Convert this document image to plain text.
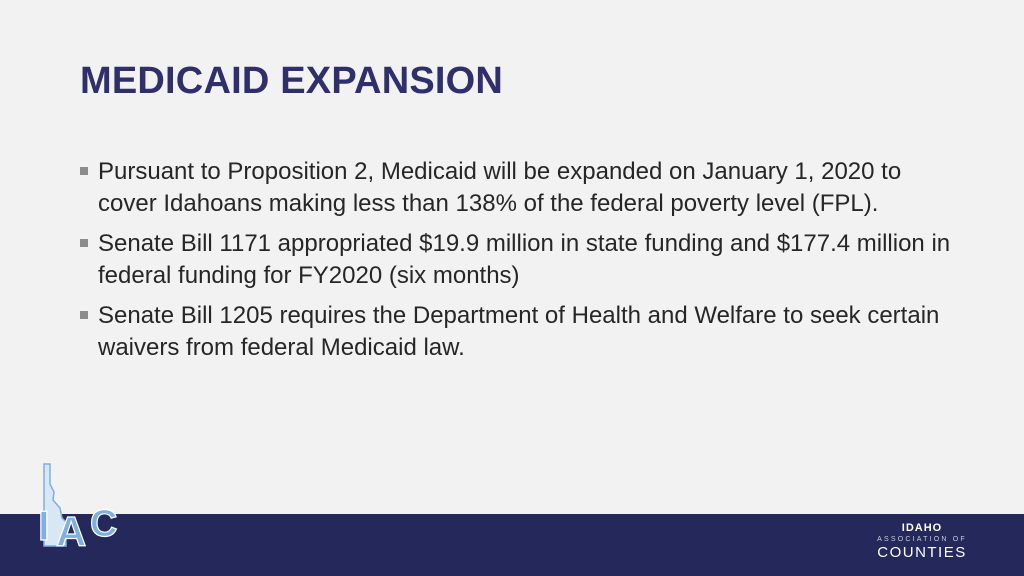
MEDICAID EXPANSION
Pursuant to Proposition 2, Medicaid will be expanded on January 1, 2020 to cover Idahoans making less than 138% of the federal poverty level (FPL).
Senate Bill 1171 appropriated $19.9 million in state funding and $177.4 million in federal funding for FY2020 (six months)
Senate Bill 1205 requires the Department of Health and Welfare to seek certain waivers from federal Medicaid law.
I A C	IDAHO
ASSOCIATION OF
COUNTIES
